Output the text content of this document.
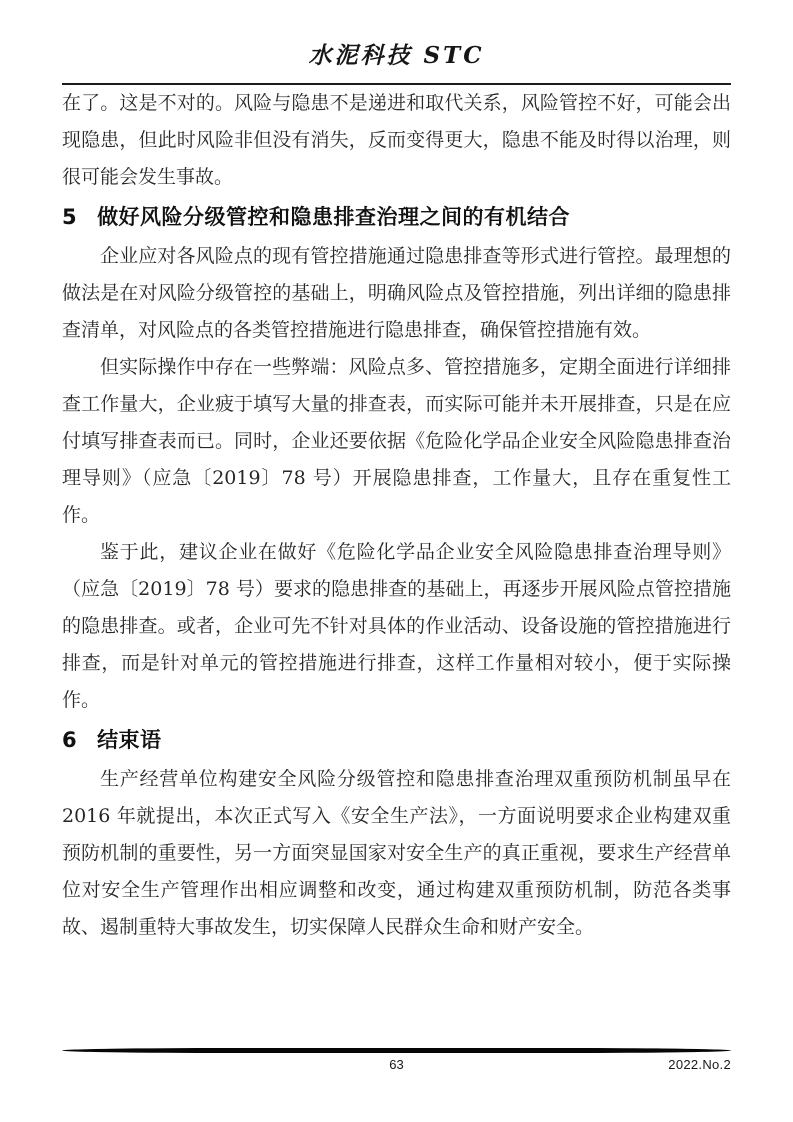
水泥科技 STC

在了。这是不对的。风险与隐患不是递进和取代关系，风险管控不好，可能会出现隐患，但此时风险非但没有消失，反而变得更大，隐患不能及时得以治理，则很可能会发生事故。

5 做好风险分级管控和隐患排查治理之间的有机结合

企业应对各风险点的现有管控措施通过隐患排查等形式进行管控。最理想的做法是在对风险分级管控的基础上，明确风险点及管控措施，列出详细的隐患排查清单，对风险点的各类管控措施进行隐患排查，确保管控措施有效。

但实际操作中存在一些弊端：风险点多、管控措施多，定期全面进行详细排查工作量大，企业疲于填写大量的排查表，而实际可能并未开展排查，只是在应付填写排查表而已。同时，企业还要依据《危险化学品企业安全风险隐患排查治理导则》（应急〔2019〕78 号）开展隐患排查，工作量大，且存在重复性工作。

鉴于此，建议企业在做好《危险化学品企业安全风险隐患排查治理导则》（应急〔2019〕78 号）要求的隐患排查的基础上，再逐步开展风险点管控措施的隐患排查。或者，企业可先不针对具体的作业活动、设备设施的管控措施进行排查，而是针对单元的管控措施进行排查，这样工作量相对较小，便于实际操作。

6 结束语

生产经营单位构建安全风险分级管控和隐患排查治理双重预防机制虽早在 2016 年就提出，本次正式写入《安全生产法》，一方面说明要求企业构建双重预防机制的重要性，另一方面突显国家对安全生产的真正重视，要求生产经营单位对安全生产管理作出相应调整和改变，通过构建双重预防机制，防范各类事故、遏制重特大事故发生，切实保障人民群众生命和财产安全。

63	2022.No.2
